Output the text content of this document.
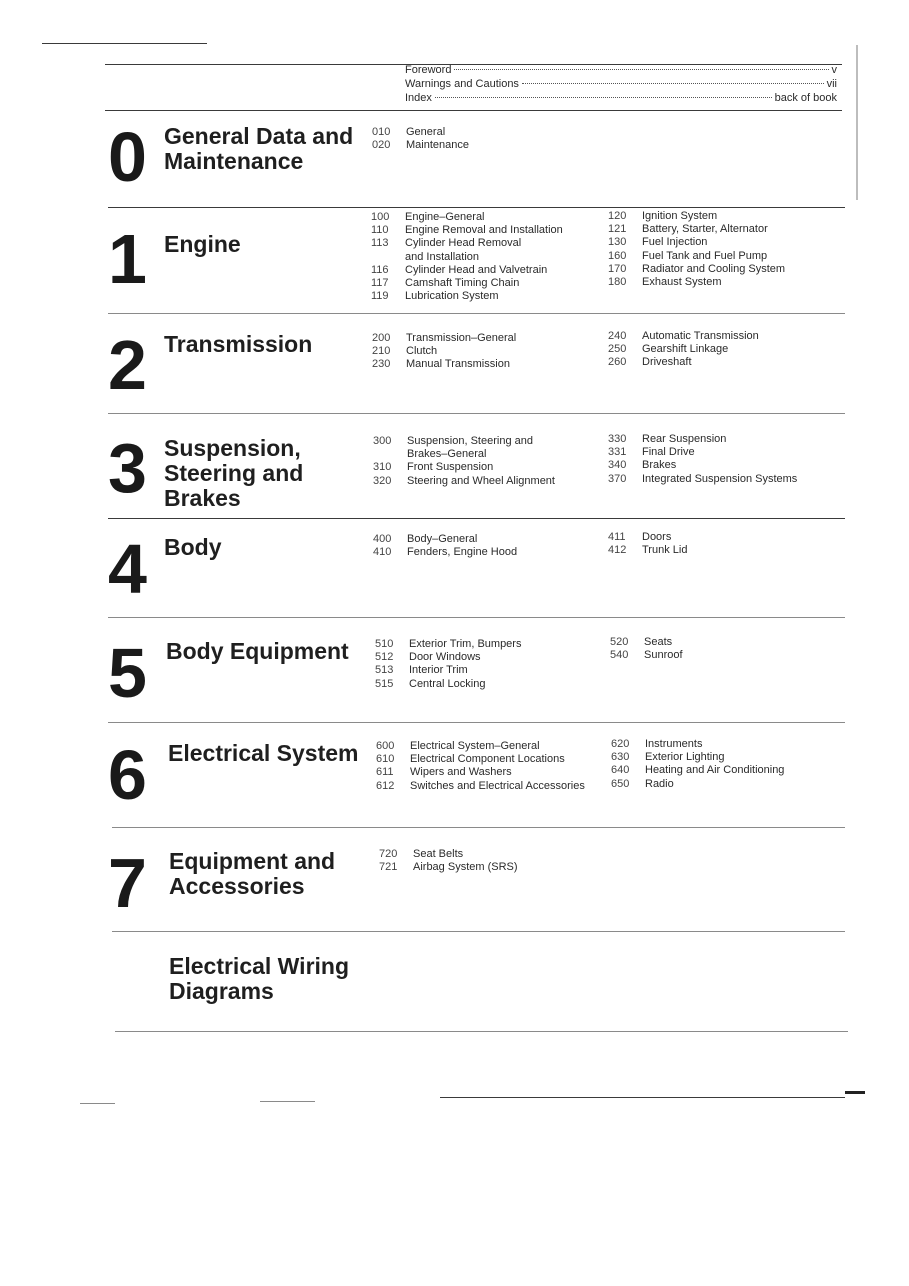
Foreword	v
Warnings and Cautions	vii
Index	back of book
0 General Data and Maintenance
010	General
020	Maintenance
1 Engine
100	Engine–General
110	Engine Removal and Installation
113	Cylinder Head Removal
and Installation
116	Cylinder Head and Valvetrain
117	Camshaft Timing Chain
119	Lubrication System
120	Ignition System
121	Battery, Starter, Alternator
130	Fuel Injection
160	Fuel Tank and Fuel Pump
170	Radiator and Cooling System
180	Exhaust System
2 Transmission	200	Transmission–General
210	Clutch
230	Manual Transmission
240	Automatic Transmission
250	Gearshift Linkage
260	Driveshaft
3 Suspension, Steering and Brakes
300	Suspension, Steering and
Brakes–General
310	Front Suspension
320	Steering and Wheel Alignment
330	Rear Suspension
331	Final Drive
340	Brakes
370	Integrated Suspension Systems
4 Body	400	Body–General
410	Fenders, Engine Hood
411	Doors
412	Trunk Lid
5 Body Equipment	510	Exterior Trim, Bumpers
512	Door Windows
513	Interior Trim
515	Central Locking
520	Seats
540	Sunroof
6 Electrical System	600	Electrical System–General
610	Electrical Component Locations
611	Wipers and Washers
612	Switches and Electrical Accessories
620	Instruments
630	Exterior Lighting
640	Heating and Air Conditioning
650	Radio
7 Equipment and Accessories
720	Seat Belts
721	Airbag System (SRS)
Electrical Wiring Diagrams
